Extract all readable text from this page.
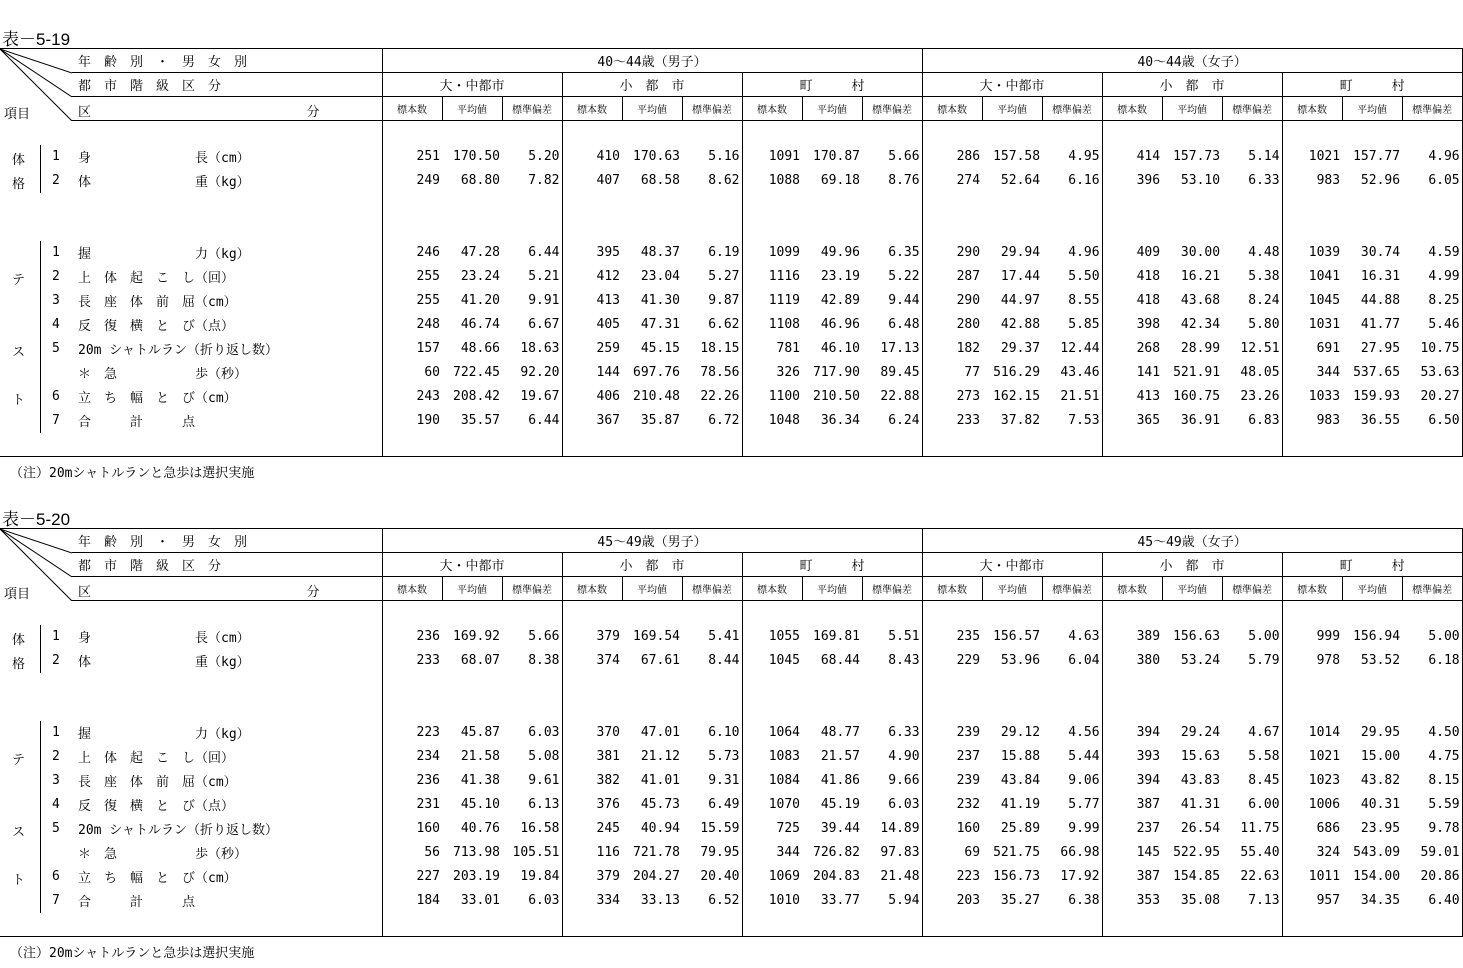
表－5-19
項目	年　齢　別　・　男　女　別	40～44歳（男子）									40～44歳（女子）								
	都　市　階　級　区　分	大・中都市			小　都　市			町　　　村			大・中都市			小　都　市			町　　　村		

	区 分	標本数	平均値	標準偏差	標本数	平均値	標準偏差	標本数	平均値	標準偏差	標本数	平均値	標準偏差	標本数	平均値	標準偏差	標本数	平均値	標準偏差

体 1	身　　　　　　　　長（cm）	251	170.50	5.20	410	170.63	5.16	1091	170.87	5.66	286	157.58	4.95	414	157.73	5.14	1021	157.77	4.96

格 2	体　　　　　　　　重（kg）	249	68.80	7.82	407	68.58	8.62	1088	69.18	8.76	274	52.64	6.16	396	53.10	6.33	983	52.96	6.05

1	握　　　　　　　　力（kg）	246	47.28	6.44	395	48.37	6.19	1099	49.96	6.35	290	29.94	4.96	409	30.00	4.48	1039	30.74	4.59

テ 2	上　体　起　こ　し（回）	255	23.24	5.21	412	23.04	5.27	1116	23.19	5.22	287	17.44	5.50	418	16.21	5.38	1041	16.31	4.99

3	長　座　体　前　屈（cm）	255	41.20	9.91	413	41.30	9.87	1119	42.89	9.44	290	44.97	8.55	418	43.68	8.24	1045	44.88	8.25

4	反　復　横　と　び（点）	248	46.74	6.67	405	47.31	6.62	1108	46.96	6.48	280	42.88	5.85	398	42.34	5.80	1031	41.77	5.46

ス 5	20m シャトルラン（折り返し数）	157	48.66	18.63	259	45.15	18.15	781	46.10	17.13	182	29.37	12.44	268	28.99	12.51	691	27.95	10.75

	＊　急　　　　　　歩（秒）	60	722.45	92.20	144	697.76	78.56	326	717.90	89.45	77	516.29	43.46	141	521.91	48.05	344	537.65	53.63

ト 6	立　ち　幅　と　び（cm）	243	208.42	19.67	406	210.48	22.26	1100	210.50	22.88	273	162.15	21.51	413	160.75	23.26	1033	159.93	20.27

7	合　　　計　　　点	190	35.57	6.44	367	35.87	6.72	1048	36.34	6.24	233	37.82	7.53	365	36.91	6.83	983	36.55	6.50

（注）20mシャトルランと急歩は選択実施
表－5-20
項目	年　齢　別　・　男　女　別	45～49歳（男子）									45～49歳（女子）								
	都　市　階　級　区　分	大・中都市			小　都　市			町　　　村			大・中都市			小　都　市			町　　　村		

	区 分	標本数	平均値	標準偏差	標本数	平均値	標準偏差	標本数	平均値	標準偏差	標本数	平均値	標準偏差	標本数	平均値	標準偏差	標本数	平均値	標準偏差

体 1	身　　　　　　　　長（cm）	236	169.92	5.66	379	169.54	5.41	1055	169.81	5.51	235	156.57	4.63	389	156.63	5.00	999	156.94	5.00

格 2	体　　　　　　　　重（kg）	233	68.07	8.38	374	67.61	8.44	1045	68.44	8.43	229	53.96	6.04	380	53.24	5.79	978	53.52	6.18

1	握　　　　　　　　力（kg）	223	45.87	6.03	370	47.01	6.10	1064	48.77	6.33	239	29.12	4.56	394	29.24	4.67	1014	29.95	4.50

テ 2	上　体　起　こ　し（回）	234	21.58	5.08	381	21.12	5.73	1083	21.57	4.90	237	15.88	5.44	393	15.63	5.58	1021	15.00	4.75

3	長　座　体　前　屈（cm）	236	41.38	9.61	382	41.01	9.31	1084	41.86	9.66	239	43.84	9.06	394	43.83	8.45	1023	43.82	8.15

4	反　復　横　と　び（点）	231	45.10	6.13	376	45.73	6.49	1070	45.19	6.03	232	41.19	5.77	387	41.31	6.00	1006	40.31	5.59

ス 5	20m シャトルラン（折り返し数）	160	40.76	16.58	245	40.94	15.59	725	39.44	14.89	160	25.89	9.99	237	26.54	11.75	686	23.95	9.78

	＊　急　　　　　　歩（秒）	56	713.98	105.51	116	721.78	79.95	344	726.82	97.83	69	521.75	66.98	145	522.95	55.40	324	543.09	59.01

ト 6	立　ち　幅　と　び（cm）	227	203.19	19.84	379	204.27	20.40	1069	204.83	21.48	223	156.73	17.92	387	154.85	22.63	1011	154.00	20.86

7	合　　　計　　　点	184	33.01	6.03	334	33.13	6.52	1010	33.77	5.94	203	35.27	6.38	353	35.08	7.13	957	34.35	6.40

（注）20mシャトルランと急歩は選択実施
